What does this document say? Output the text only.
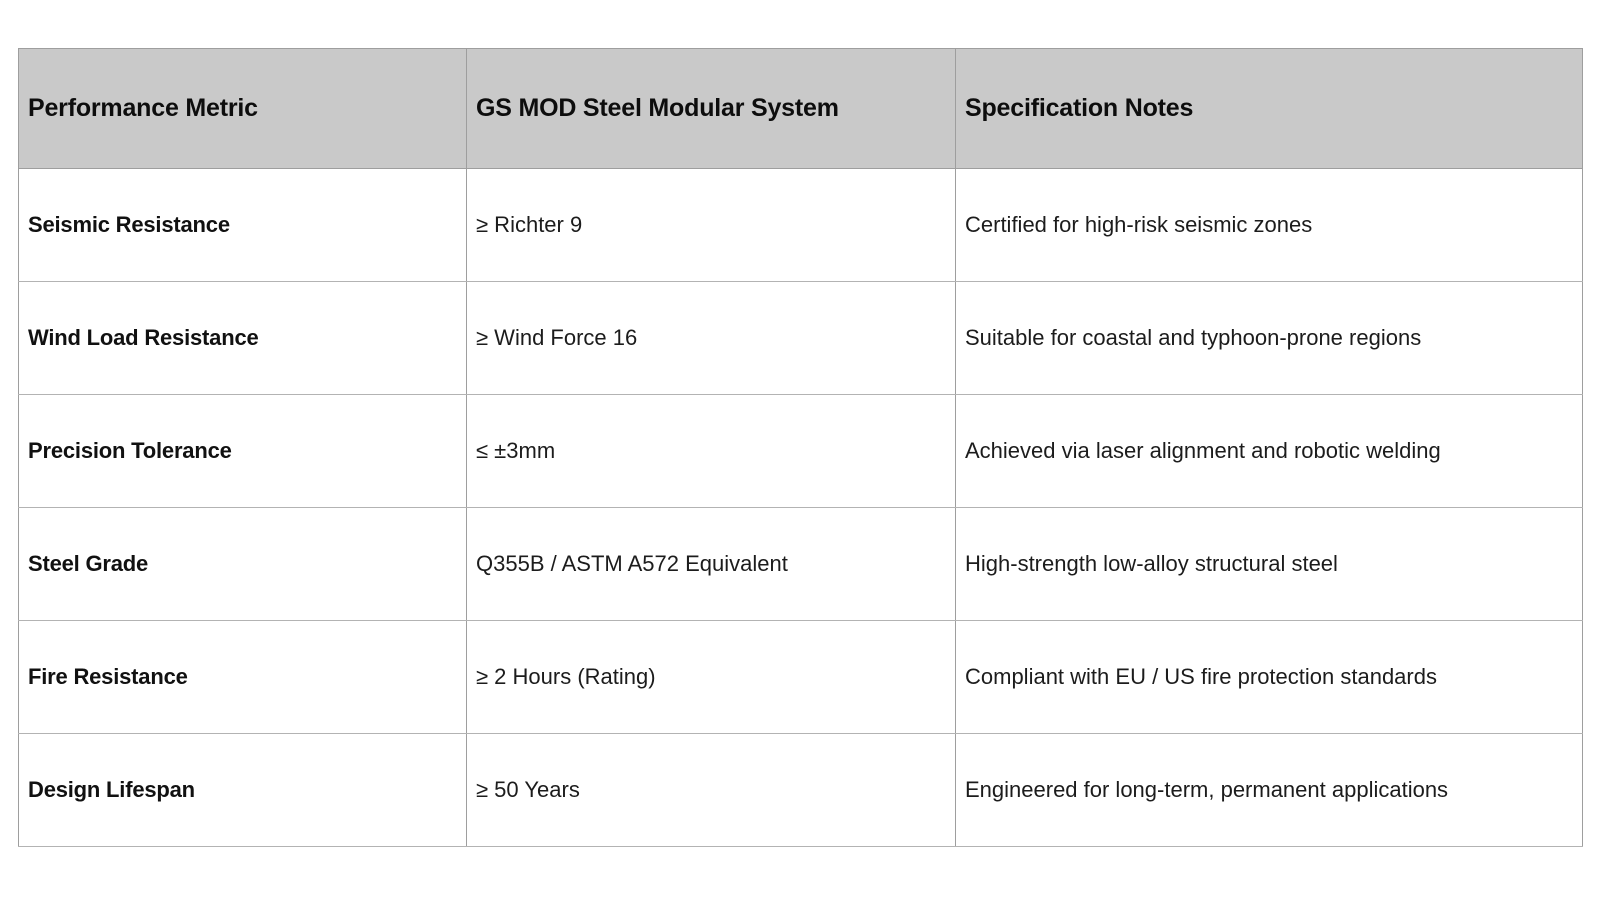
Performance Metric	GS MOD Steel Modular System	Specification Notes
Seismic Resistance	≥ Richter 9	Certified for high-risk seismic zones
Wind Load Resistance	≥ Wind Force 16	Suitable for coastal and typhoon-prone regions
Precision Tolerance	≤ ±3mm	Achieved via laser alignment and robotic welding
Steel Grade	Q355B / ASTM A572 Equivalent	High-strength low-alloy structural steel
Fire Resistance	≥ 2 Hours (Rating)	Compliant with EU / US fire protection standards
Design Lifespan	≥ 50 Years	Engineered for long-term, permanent applications
